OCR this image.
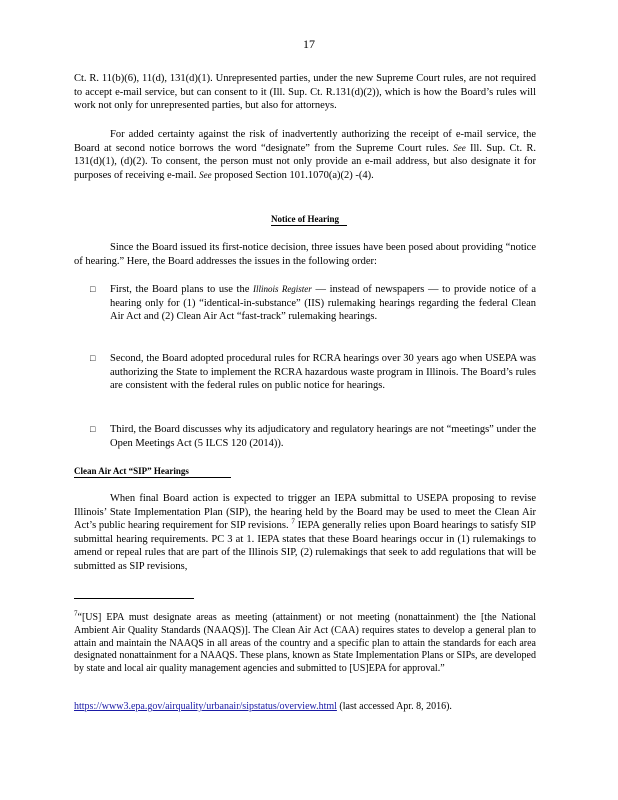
17
Ct. R. 11(b)(6), 11(d), 131(d)(1). Unrepresented parties, under the new Supreme Court rules, are not required to accept e-mail service, but can consent to it (Ill. Sup. Ct. R.131(d)(2)), which is how the Board’s rules will work not only for unrepresented parties, but also for attorneys.
For added certainty against the risk of inadvertently authorizing the receipt of e-mail service, the Board at second notice borrows the word “designate” from the Supreme Court rules. See Ill. Sup. Ct. R. 131(d)(1), (d)(2). To consent, the person must not only provide an e-mail address, but also designate it for purposes of receiving e-mail. See proposed Section 101.1070(a)(2) -(4).
Notice of Hearing
Since the Board issued its first-notice decision, three issues have been posed about providing “notice of hearing.” Here, the Board addresses the issues in the following order:
□ First, the Board plans to use the Illinois Register — instead of newspapers — to provide notice of a hearing only for (1) “identical-in-substance” (IIS) rulemaking hearings regarding the federal Clean Air Act and (2) Clean Air Act “fast-track” rulemaking hearings.
□ Second, the Board adopted procedural rules for RCRA hearings over 30 years ago when USEPA was authorizing the State to implement the RCRA hazardous waste program in Illinois. The Board’s rules are consistent with the federal rules on public notice for hearings.
□ Third, the Board discusses why its adjudicatory and regulatory hearings are not “meetings” under the Open Meetings Act (5 ILCS 120 (2014)).
Clean Air Act “SIP” Hearings
When final Board action is expected to trigger an IEPA submittal to USEPA proposing to revise Illinois’ State Implementation Plan (SIP), the hearing held by the Board may be used to meet the Clean Air Act’s public hearing requirement for SIP revisions. $^7$ IEPA generally relies upon Board hearings to satisfy SIP submittal hearing requirements. PC 3 at 1. IEPA states that these Board hearings occur in (1) rulemakings to amend or repeal rules that are part of the Illinois SIP, (2) rulemakings that seek to add regulations that will be submitted as SIP revisions,
$^7$“[US] EPA must designate areas as meeting (attainment) or not meeting (nonattainment) the [the National Ambient Air Quality Standards (NAAQS)]. The Clean Air Act (CAA) requires states to develop a general plan to attain and maintain the NAAQS in all areas of the country and a specific plan to attain the standards for each area designated nonattainment for a NAAQS. These plans, known as State Implementation Plans or SIPs, are developed by state and local air quality management agencies and submitted to [US]EPA for approval.”
https://www3.epa.gov/airquality/urbanair/sipstatus/overview.html (last accessed Apr. 8, 2016).
